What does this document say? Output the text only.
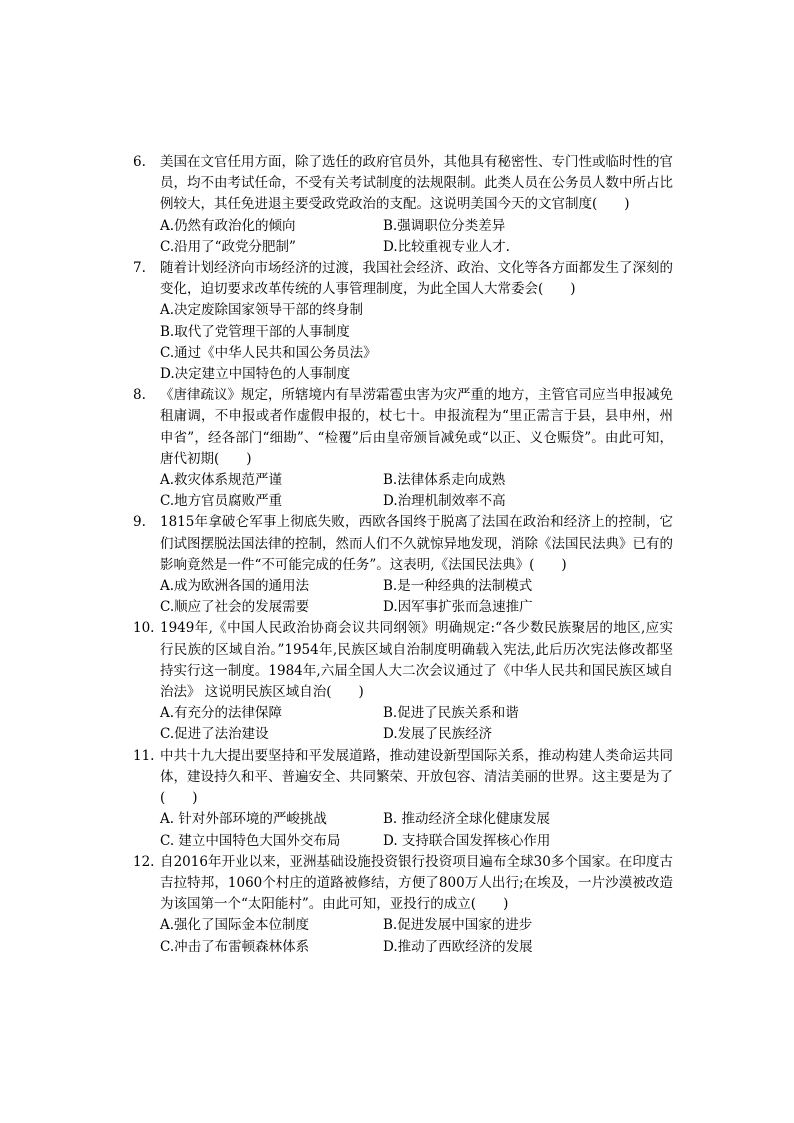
6. 美国在文官任用方面，除了选任的政府官员外，其他具有秘密性、专门性或临时性的官员，均不由考试任命，不受有关考试制度的法规限制。此类人员在公务员人数中所占比例较大，其任免进退主要受政党政治的支配。这说明美国今天的文官制度(　　)
A.仍然有政治化的倾向	B.强调职位分类差异
C.沿用了“政党分肥制”	D.比较重视专业人才.
7. 随着计划经济向市场经济的过渡，我国社会经济、政治、文化等各方面都发生了深刻的变化，迫切要求改革传统的人事管理制度，为此全国人大常委会(　　)
A.决定废除国家领导干部的终身制
B.取代了党管理干部的人事制度
C.通过《中华人民共和国公务员法》
D.决定建立中国特色的人事制度
8. 《唐律疏议》规定，所辖境内有旱涝霜雹虫害为灾严重的地方，主管官司应当申报减免租庸调，不申报或者作虚假申报的，杖七十。申报流程为“里正需言于县，县申州，州申省”，经各部门“细勘”、“检覆”后由皇帝颁旨减免或“以正、义仓赈贷”。由此可知，唐代初期(　　)
A.救灾体系规范严谨	B.法律体系走向成熟
C.地方官员腐败严重	D.治理机制效率不高
9. 1815年拿破仑军事上彻底失败，西欧各国终于脱离了法国在政治和经济上的控制，它们试图摆脱法国法律的控制，然而人们不久就惊异地发现，消除《法国民法典》已有的影响竟然是一件“不可能完成的任务”。这表明,《法国民法典》(　　)
A.成为欧洲各国的通用法	B.是一种经典的法制模式
C.顺应了社会的发展需要	D.因军事扩张而急速推广
10. 1949年,《中国人民政治协商会议共同纲领》明确规定:“各少数民族聚居的地区,应实行民族的区域自治。”1954年,民族区域自治制度明确载入宪法,此后历次宪法修改都坚持实行这一制度。1984年,六届全国人大二次会议通过了《中华人民共和国民族区域自治法》 这说明民族区域自治(　　)
A.有充分的法律保障	B.促进了民族关系和谐
C.促进了法治建设	D.发展了民族经济
11. 中共十九大提出要坚持和平发展道路，推动建设新型国际关系，推动构建人类命运共同体，建设持久和平、普遍安全、共同繁荣、开放包容、清洁美丽的世界。这主要是为了(　　)
A. 针对外部环境的严峻挑战	B. 推动经济全球化健康发展
C. 建立中国特色大国外交布局	D. 支持联合国发挥核心作用
12. 自2016年开业以来，亚洲基础设施投资银行投资项目遍布全球30多个国家。在印度古吉拉特邦，1060个村庄的道路被修结，方便了800万人出行;在埃及，一片沙漠被改造为该国第一个“太阳能村”。由此可知，亚投行的成立(　　)
A.强化了国际金本位制度	B.促进发展中国家的进步
C.冲击了布雷顿森林体系	D.推动了西欧经济的发展
